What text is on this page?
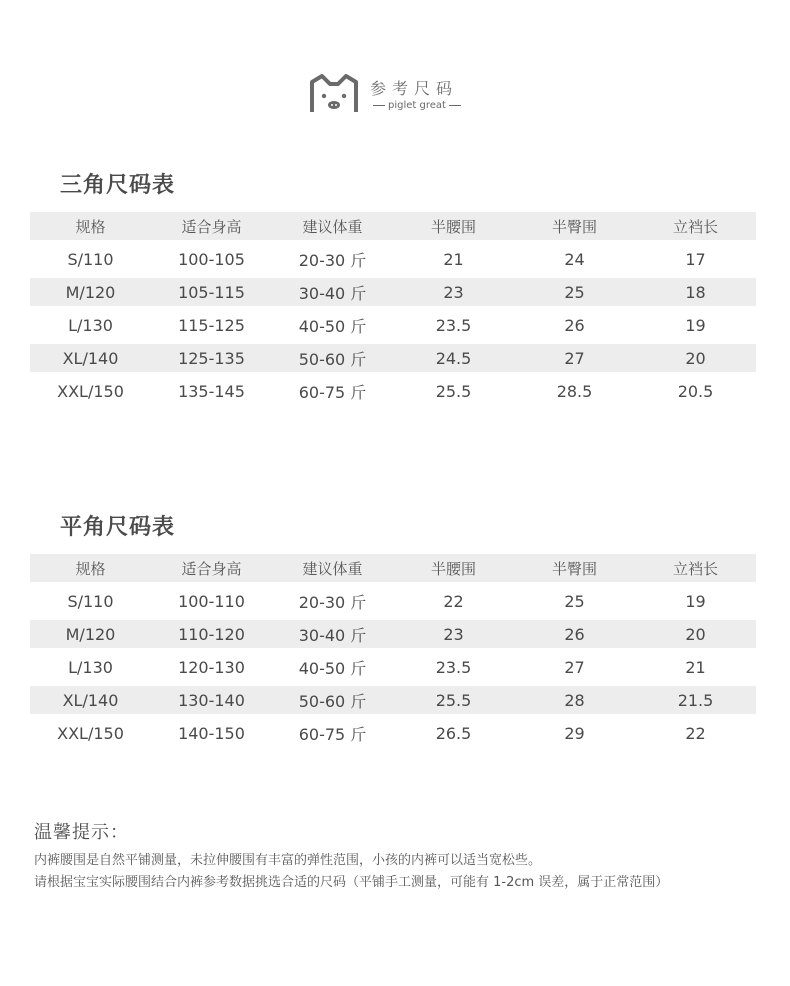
参考尺码
piglet great
三角尺码表
规格	适合身高	建议体重	半腰围	半臀围	立裆长
S/110	100-105	20-30 斤	21	24	17
M/120	105-115	30-40 斤	23	25	18
L/130	115-125	40-50 斤	23.5	26	19
XL/140	125-135	50-60 斤	24.5	27	20
XXL/150	135-145	60-75 斤	25.5	28.5	20.5
平角尺码表
规格	适合身高	建议体重	半腰围	半臀围	立裆长
S/110	100-110	20-30 斤	22	25	19
M/120	110-120	30-40 斤	23	26	20
L/130	120-130	40-50 斤	23.5	27	21
XL/140	130-140	50-60 斤	25.5	28	21.5
XXL/150	140-150	60-75 斤	26.5	29	22
温馨提示：

内裤腰围是自然平铺测量，未拉伸腰围有丰富的弹性范围，小孩的内裤可以适当宽松些。

请根据宝宝实际腰围结合内裤参考数据挑选合适的尺码（平铺手工测量，可能有 1-2cm 误差，属于正常范围）
